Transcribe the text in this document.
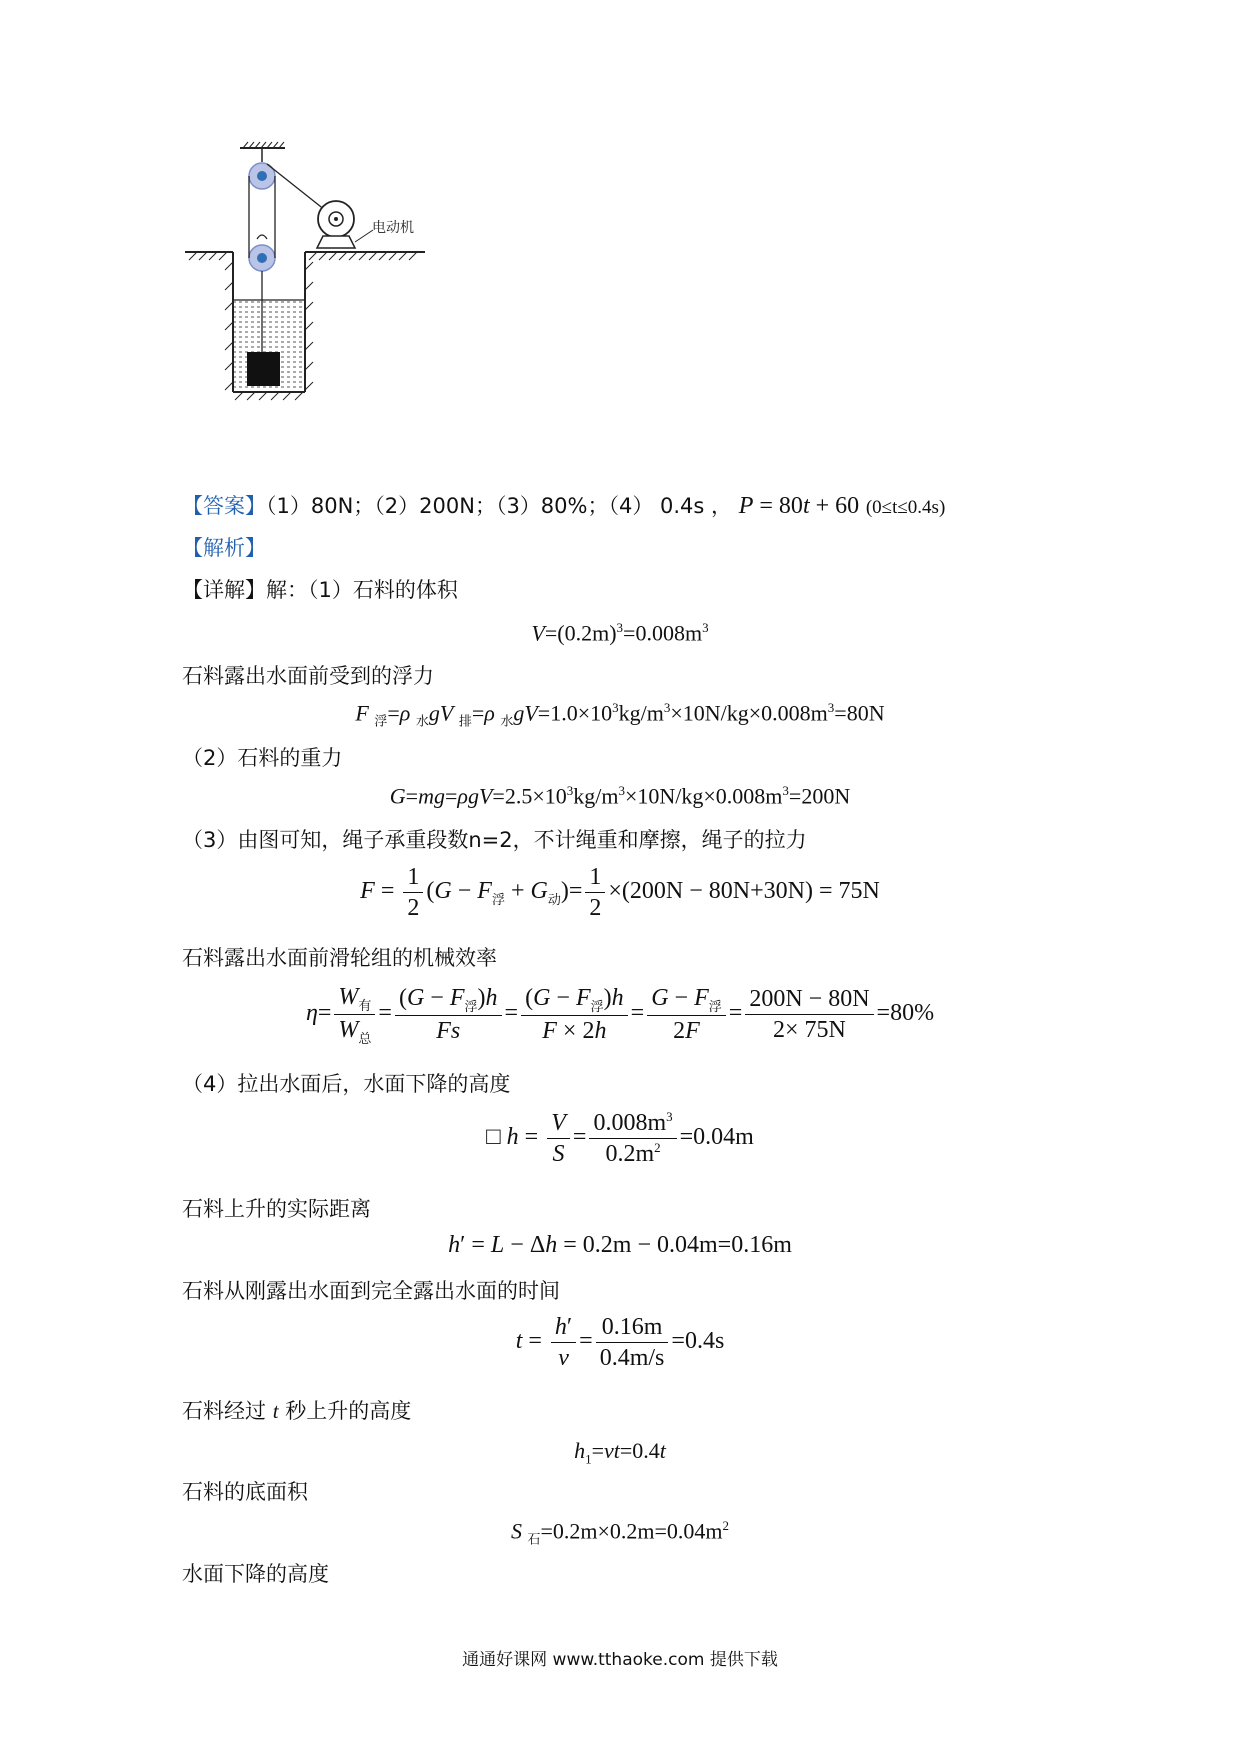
电动机
【答案】（1）80N；（2）200N；（3）80%；（4） 0.4s ， P = 80t + 60 (0≤t≤0.4s)
【解析】
【详解】解：（1）石料的体积
$V=(0.2m)^3=0.008m^3$
石料露出水面前受到的浮力
F $_浮$=ρ $_水$gV $_排$=ρ $_水gV=1.0\times 10^3kg/m^3\times 10N/kg\times 0.008m^3=80N$
（2）石料的重力
$G=mg=\rho gV=2.5\times 10^3kg/m^3\times 10N/kg\times 0.008m^3=200N$
（3）由图可知，绳子承重段数n=2，不计绳重和摩擦，绳子的拉力
$F = \frac{1}{2} (G - F_浮 + G_动)= \frac{1}{2} \times(200N - 80N+30N) = 75N$
石料露出水面前滑轮组的机械效率
$\eta= \frac{W_有}{W_总} = \frac{(G - F_浮)h}{Fs} = \frac{(G - F_浮)h}{F \times 2h} = \frac{G - F_浮}{2F} = \frac{200N - 80N}{2\times 75N} =80\%$
（4）拉出水面后，水面下降的高度
□ $h = \frac{V}{S} = \frac{0.008m^3}{0.2m^2} =0.04m$
石料上升的实际距离
h′ = L − Δh = 0.2m − 0.04m=0.16m
石料从刚露出水面到完全露出水面的时间
$t = \frac{h'}{v} = \frac{0.16m}{0.4m/s} =0.4s$
石料经过 t 秒上升的高度
$h_1=vt=0.4t$
石料的底面积
S $_石=0.2m\times 0.2m=0.04m^2$
水面下降的高度
通通好课网 www.tthaoke.com 提供下载
